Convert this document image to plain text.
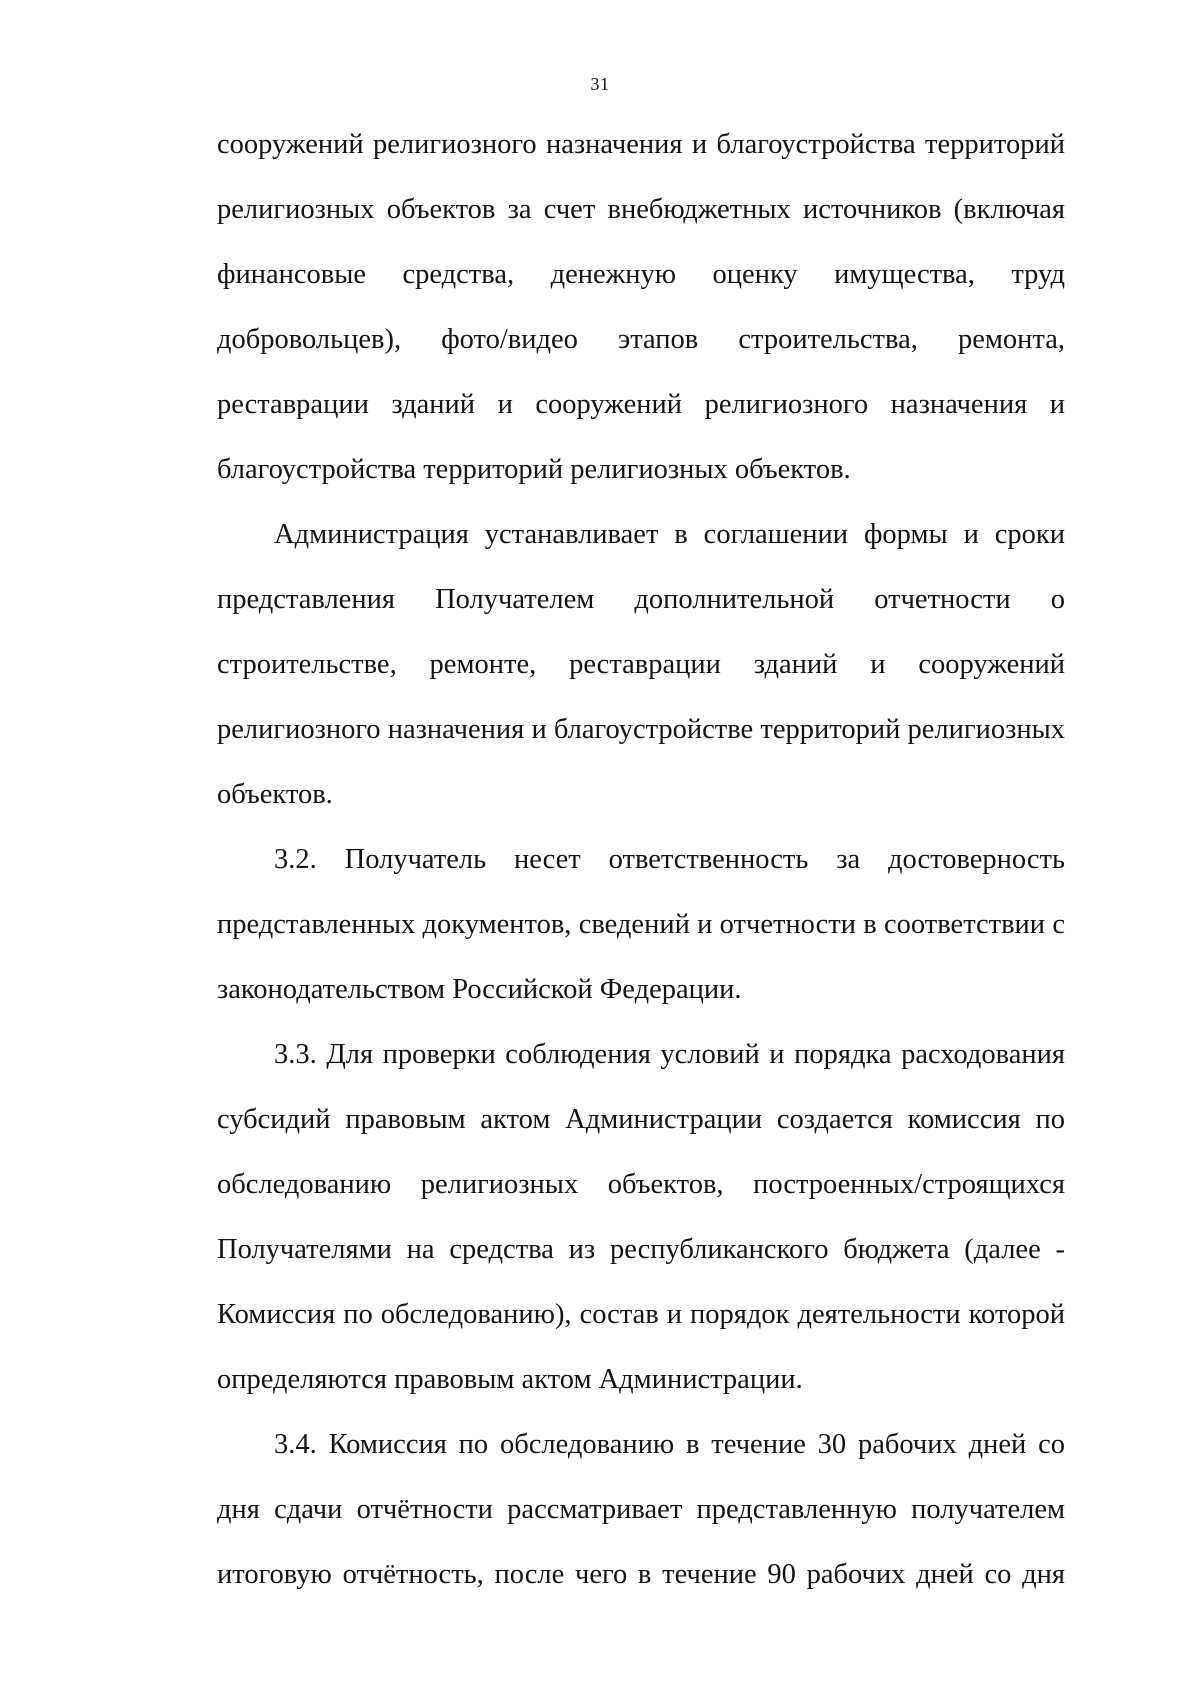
31

сооружений религиозного назначения и благоустройства территорий религиозных объектов за счет внебюджетных источников (включая финансовые средства, денежную оценку имущества, труд добровольцев), фото/видео этапов строительства, ремонта, реставрации зданий и сооружений религиозного назначения и благоустройства территорий религиозных объектов.

Администрация устанавливает в соглашении формы и сроки представления Получателем дополнительной отчетности о строительстве, ремонте, реставрации зданий и сооружений религиозного назначения и благоустройстве территорий религиозных объектов.

3.2. Получатель несет ответственность за достоверность представленных документов, сведений и отчетности в соответствии с законодательством Российской Федерации.

3.3. Для проверки соблюдения условий и порядка расходования субсидий правовым актом Администрации создается комиссия по обследованию религиозных объектов, построенных/строящихся Получателями на средства из республиканского бюджета (далее - Комиссия по обследованию), состав и порядок деятельности которой определяются правовым актом Администрации.

3.4. Комиссия по обследованию в течение 30 рабочих дней со дня сдачи отчётности рассматривает представленную получателем итоговую отчётность, после чего в течение 90 рабочих дней со дня
